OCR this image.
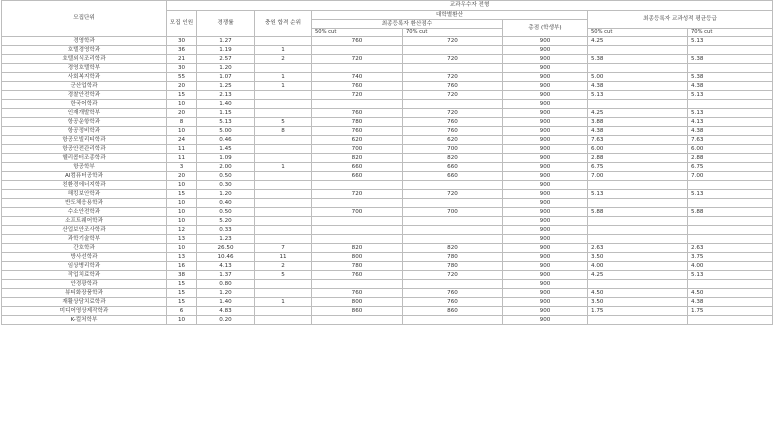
모집단위	교과우수자 전형							
	모집 인원	경쟁률	충원 합격 순위	대학별환산			최종등록자 교과성적 평균등급	
				최종등록자 환산점수		총점 (학생부)		
				50% cut	70% cut		50% cut	70% cut
경영학과	30	1.27		760	720	900	4.25	5.13
호텔경영학과	36	1.19	1			900		
호텔외식조리학과	21	2.57	2	720	720	900	5.38	5.38
경영호텔학부	30	1.20				900		
사회복지학과	55	1.07	1	740	720	900	5.00	5.38
군산업학과	20	1.25	1	760	760	900	4.38	4.38
경찰안전학과	15	2.13		720	720	900	5.13	5.13
한국어학과	10	1.40				900		
인재개발학부	20	1.15		760	720	900	4.25	5.13
항공운항학과	8	5.13	5	780	760	900	3.88	4.13
항공정비학과	10	5.00	8	760	760	900	4.38	4.38
항공모빌리티학과	24	0.46		620	620	900	7.63	7.63
항공안전관리학과	11	1.45		700	700	900	6.00	6.00
헬리콥터조종학과	11	1.09		820	820	900	2.88	2.88
항공학부	3	2.00	1	660	660	900	6.75	6.75
AI컴퓨터공학과	20	0.50		660	660	900	7.00	7.00
친환경에너지학과	10	0.30				900		
해킹보안학과	15	1.20		720	720	900	5.13	5.13
반도체응용학과	10	0.40				900		
수소안전학과	10	0.50		700	700	900	5.88	5.88
소프트웨어학과	10	5.20				900		
산업보안조사학과	12	0.33				900		
과학기술학부	13	1.23				900		
간호학과	10	26.50	7	820	820	900	2.63	2.63
방사선학과	13	10.46	11	800	780	900	3.50	3.75
임상병리학과	16	4.13	2	780	780	900	4.00	4.00
작업치료학과	38	1.37	5	760	720	900	4.25	5.13
안경광학과	15	0.80				900		
뷰티화장품학과	15	1.20		760	760	900	4.50	4.50
재활상담치료학과	15	1.40	1	800	760	900	3.50	4.38
미디어영상제작학과	6	4.83		860	860	900	1.75	1.75
K-컬처학부	10	0.20				900		
